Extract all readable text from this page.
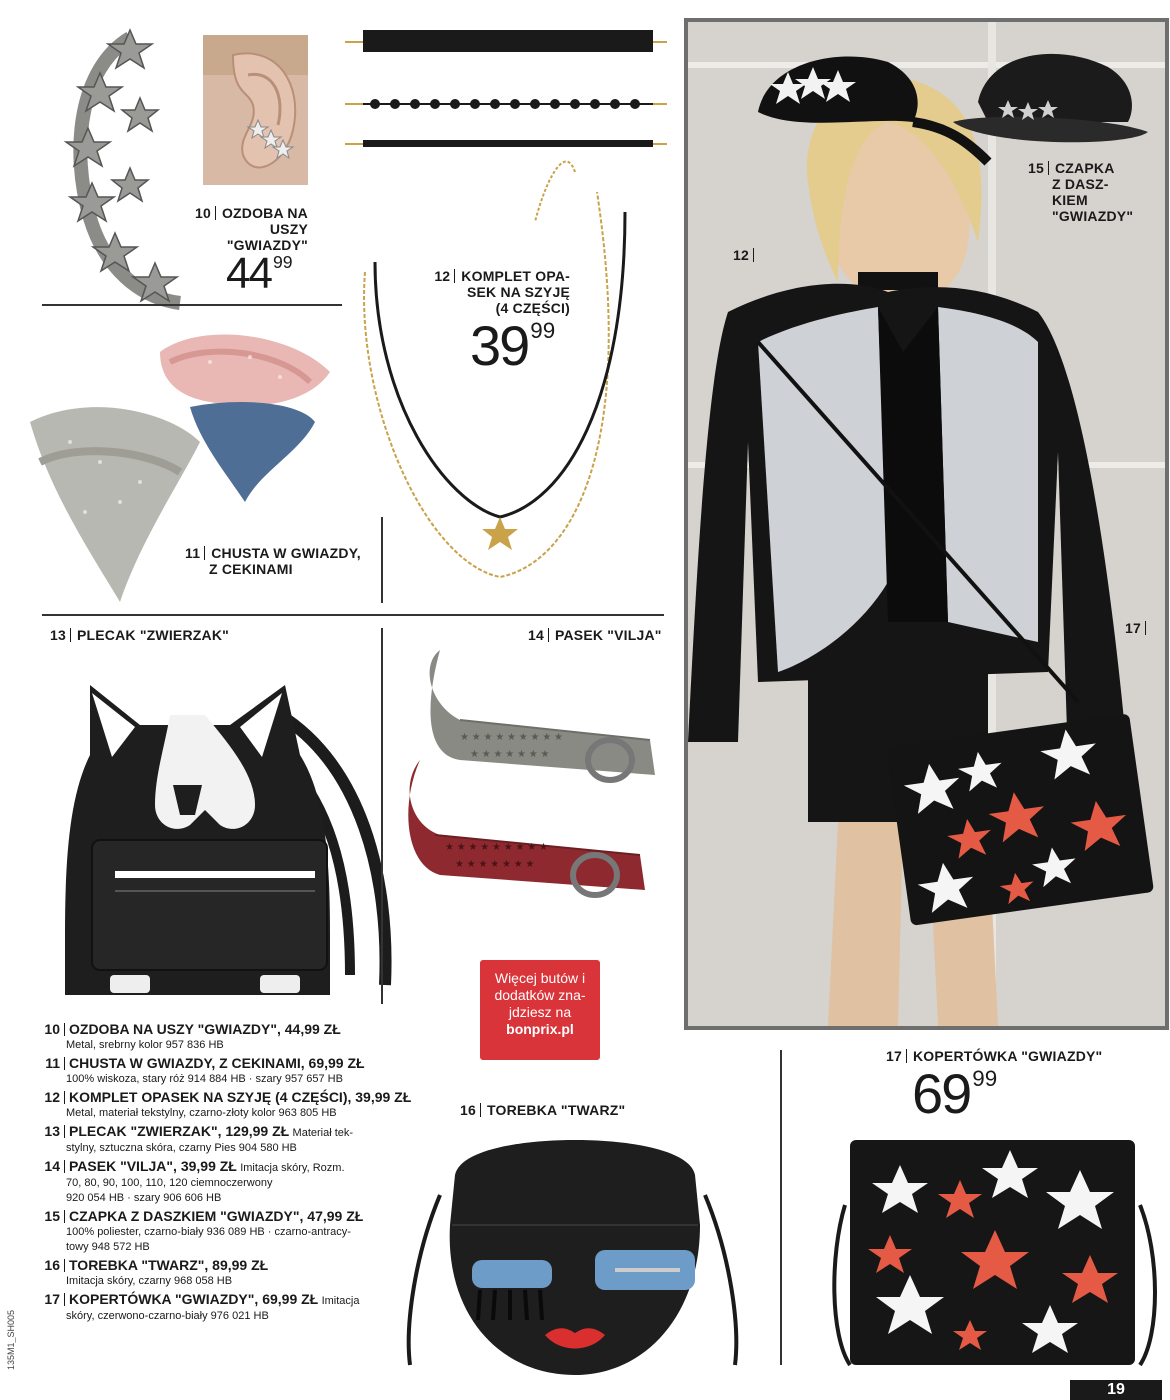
10 OZDOBA NA
USZY
"GWIAZDY"
44 $^{99}$
11 CHUSTA W GWIAZDY,
Z CEKINAMI
12 KOMPLET OPA-
SEK NA SZYJĘ
(4 CZĘŚCI)
$39^{99}$
12
15 CZAPKA
Z DASZ-
KIEM
"GWIAZDY"
17
13 PLECAK "ZWIERZAK"	14 PASEK "VILJA"
★ ★ ★ ★ ★ ★ ★ ★ ★
★ ★ ★ ★ ★ ★ ★
★ ★ ★ ★ ★ ★ ★ ★ ★
★ ★ ★ ★ ★ ★ ★
Więcej butów i
dodatków zna-
jdziesz na
bonprix.pl
17 KOPERTÓWKA "GWIAZDY"
$69^{99}$
16 TOREBKA "TWARZ"
10 OZDOBA NA USZY "GWIAZDY", 44,99 ZŁ
Metal, srebrny kolor 957 836 HB
11 CHUSTA W GWIAZDY, Z CEKINAMI, 69,99 ZŁ
100% wiskoza, stary róż 914 884 HB · szary 957 657 HB
12 KOMPLET OPASEK NA SZYJĘ (4 CZĘŚCI), 39,99 ZŁ
Metal, materiał tekstylny, czarno-złoty kolor 963 805 HB
13 PLECAK "ZWIERZAK", 129,99 ZŁ Materiał tek-
stylny, sztuczna skóra, czarny Pies 904 580 HB
14 PASEK "VILJA", 39,99 ZŁ Imitacja skóry, Rozm.
70, 80, 90, 100, 110, 120 ciemnoczerwony
920 054 HB · szary 906 606 HB
15 CZAPKA Z DASZKIEM "GWIAZDY", 47,99 ZŁ
100% poliester, czarno-biały 936 089 HB · czarno-antracy-
towy 948 572 HB
16 TOREBKA "TWARZ", 89,99 ZŁ
Imitacja skóry, czarny 968 058 HB
17 KOPERTÓWKA "GWIAZDY", 69,99 ZŁ Imitacja
skóry, czerwono-czarno-biały 976 021 HB
135M1_SH005
19
